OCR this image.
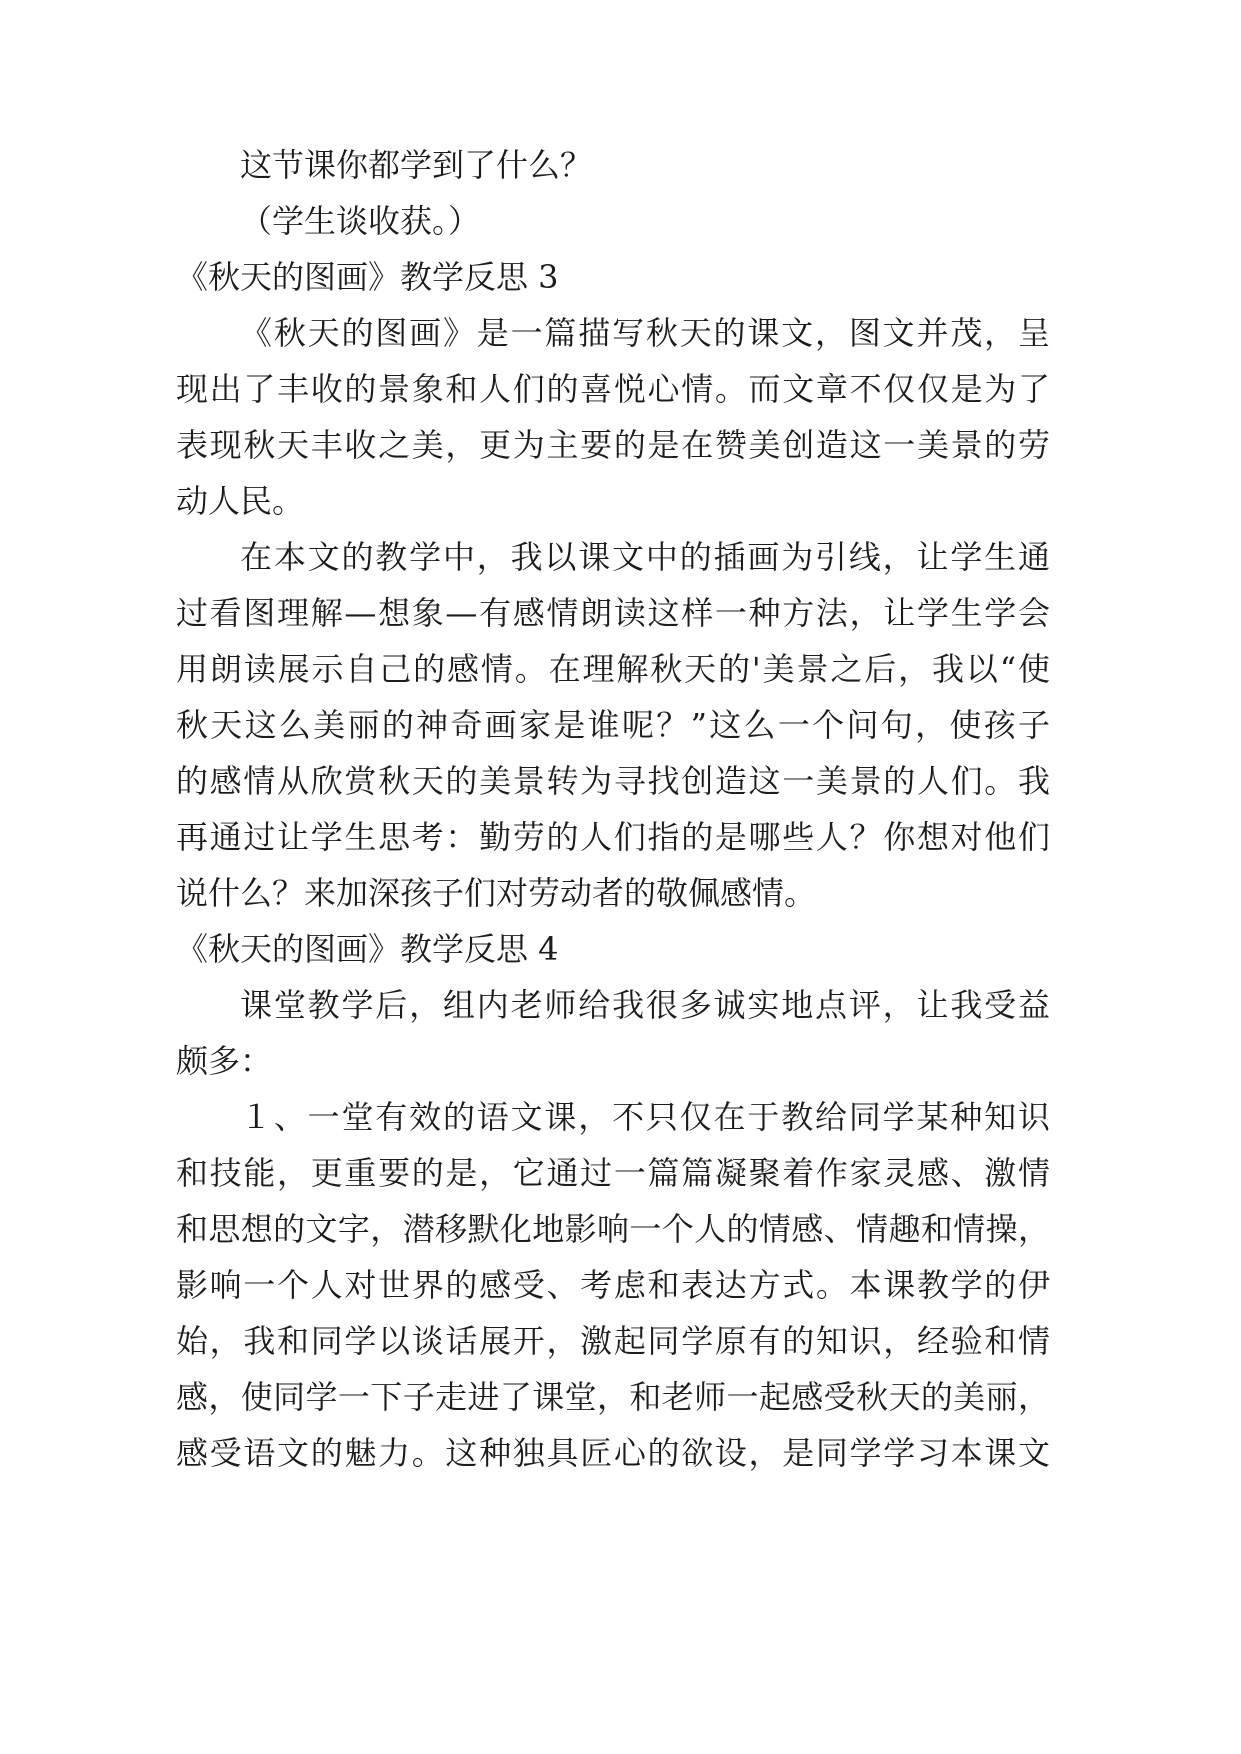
这节课你都学到了什么？

（学生谈收获。）

《秋天的图画》教学反思 3

《秋天的图画》是一篇描写秋天的课文，图文并茂，呈
现出了丰收的景象和人们的喜悦心情。而文章不仅仅是为了
表现秋天丰收之美，更为主要的是在赞美创造这一美景的劳
动人民。

在本文的教学中，我以课文中的插画为引线，让学生通
过看图理解—想象—有感情朗读这样一种方法，让学生学会
用朗读展示自己的感情。在理解秋天的'美景之后，我以“使
秋天这么美丽的神奇画家是谁呢？”这么一个问句，使孩子
的感情从欣赏秋天的美景转为寻找创造这一美景的人们。我
再通过让学生思考：勤劳的人们指的是哪些人？你想对他们
说什么？来加深孩子们对劳动者的敬佩感情。

《秋天的图画》教学反思 4

课堂教学后，组内老师给我很多诚实地点评，让我受益
颇多：

１、一堂有效的语文课，不只仅在于教给同学某种知识
和技能，更重要的是，它通过一篇篇凝聚着作家灵感、激情
和思想的文字，潜移默化地影响一个人的情感、情趣和情操，
影响一个人对世界的感受、考虑和表达方式。本课教学的伊
始，我和同学以谈话展开，激起同学原有的知识，经验和情
感，使同学一下子走进了课堂，和老师一起感受秋天的美丽，
感受语文的魅力。这种独具匠心的欲设，是同学学习本课文
